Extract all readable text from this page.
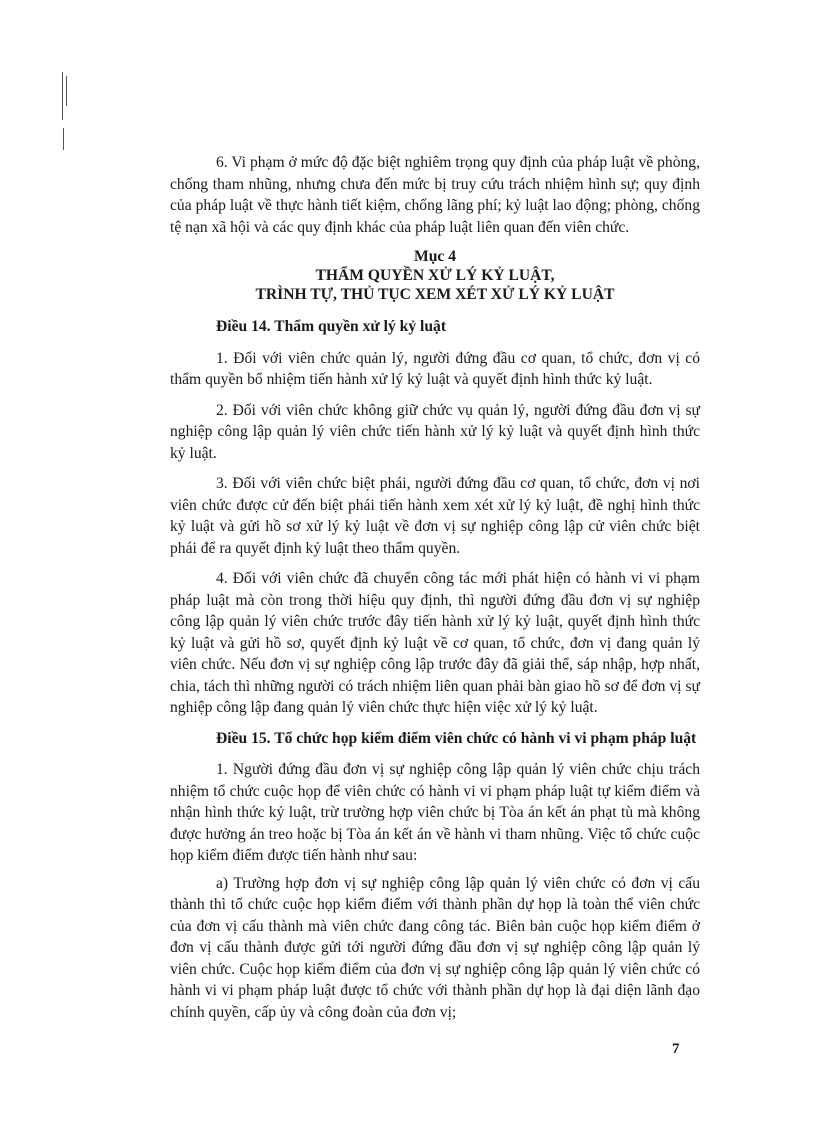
6. Vi phạm ở mức độ đặc biệt nghiêm trọng quy định của pháp luật về phòng, chống tham nhũng, nhưng chưa đến mức bị truy cứu trách nhiệm hình sự; quy định của pháp luật về thực hành tiết kiệm, chống lãng phí; kỷ luật lao động; phòng, chống tệ nạn xã hội và các quy định khác của pháp luật liên quan đến viên chức.

Mục 4

THẨM QUYỀN XỬ LÝ KỶ LUẬT,

TRÌNH TỰ, THỦ TỤC XEM XÉT XỬ LÝ KỶ LUẬT

Điều 14. Thẩm quyền xử lý kỷ luật

1. Đối với viên chức quản lý, người đứng đầu cơ quan, tổ chức, đơn vị có thẩm quyền bổ nhiệm tiến hành xử lý kỷ luật và quyết định hình thức kỷ luật.

2. Đối với viên chức không giữ chức vụ quản lý, người đứng đầu đơn vị sự nghiệp công lập quản lý viên chức tiến hành xử lý kỷ luật và quyết định hình thức kỷ luật.

3. Đối với viên chức biệt phái, người đứng đầu cơ quan, tổ chức, đơn vị nơi viên chức được cử đến biệt phái tiến hành xem xét xử lý kỷ luật, đề nghị hình thức kỷ luật và gửi hồ sơ xử lý kỷ luật về đơn vị sự nghiệp công lập cử viên chức biệt phái để ra quyết định kỷ luật theo thẩm quyền.

4. Đối với viên chức đã chuyển công tác mới phát hiện có hành vi vi phạm pháp luật mà còn trong thời hiệu quy định, thì người đứng đầu đơn vị sự nghiệp công lập quản lý viên chức trước đây tiến hành xử lý kỷ luật, quyết định hình thức kỷ luật và gửi hồ sơ, quyết định kỷ luật về cơ quan, tổ chức, đơn vị đang quản lý viên chức. Nếu đơn vị sự nghiệp công lập trước đây đã giải thể, sáp nhập, hợp nhất, chia, tách thì những người có trách nhiệm liên quan phải bàn giao hồ sơ để đơn vị sự nghiệp công lập đang quản lý viên chức thực hiện việc xử lý kỷ luật.

Điều 15. Tổ chức họp kiểm điểm viên chức có hành vi vi phạm pháp luật

1. Người đứng đầu đơn vị sự nghiệp công lập quản lý viên chức chịu trách nhiệm tổ chức cuộc họp để viên chức có hành vi vi phạm pháp luật tự kiểm điểm và nhận hình thức kỷ luật, trừ trường hợp viên chức bị Tòa án kết án phạt tù mà không được hưởng án treo hoặc bị Tòa án kết án về hành vi tham nhũng. Việc tổ chức cuộc họp kiểm điểm được tiến hành như sau:

a) Trường hợp đơn vị sự nghiệp công lập quản lý viên chức có đơn vị cấu thành thì tổ chức cuộc họp kiểm điểm với thành phần dự họp là toàn thể viên chức của đơn vị cấu thành mà viên chức đang công tác. Biên bản cuộc họp kiểm điểm ở đơn vị cấu thành được gửi tới người đứng đầu đơn vị sự nghiệp công lập quản lý viên chức. Cuộc họp kiểm điểm của đơn vị sự nghiệp công lập quản lý viên chức có hành vi vi phạm pháp luật được tổ chức với thành phần dự họp là đại diện lãnh đạo chính quyền, cấp ủy và công đoàn của đơn vị;

7
